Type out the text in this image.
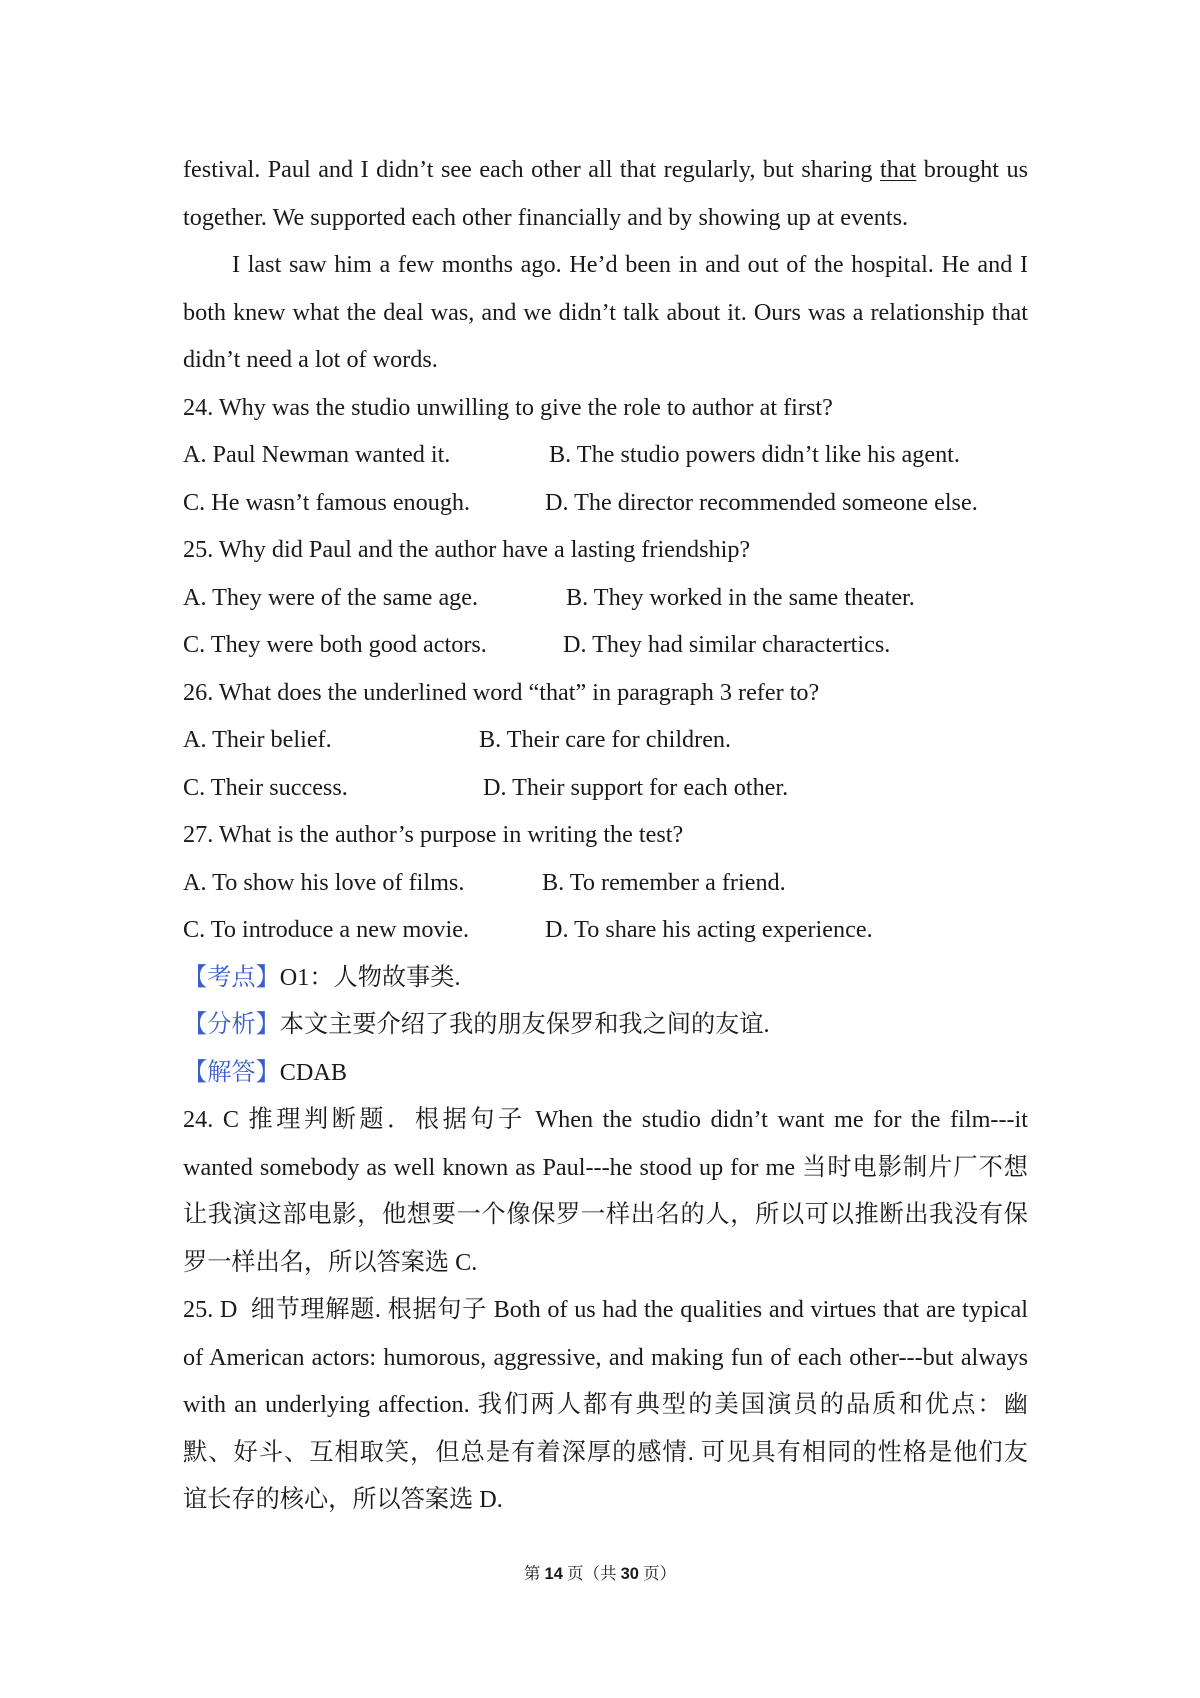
festival. Paul and I didn’t see each other all that regularly, but sharing that brought us
together. We supported each other financially and by showing up at events.
I last saw him a few months ago. He’d been in and out of the hospital. He and I
both knew what the deal was, and we didn’t talk about it. Ours was a relationship that
didn’t need a lot of words.
24. Why was the studio unwilling to give the role to author at first?
A. Paul Newman wanted it.	B. The studio powers didn’t like his agent.
C. He wasn’t famous enough.	D. The director recommended someone else.
25. Why did Paul and the author have a lasting friendship?
A. They were of the same age.	B. They worked in the same theater.
C. They were both good actors.	D. They had similar charactertics.
26. What does the underlined word “that” in paragraph 3 refer to?
A. Their belief.	B. Their care for children.
C. Their success.	D. Their support for each other.
27. What is the author’s purpose in writing the test?
A. To show his love of films.	B. To remember a friend.
C. To introduce a new movie.	D. To share his acting experience.
【考点】O1：人物故事类.
【分析】本文主要介绍了我的朋友保罗和我之间的友谊.
【解答】CDAB
24. C 推理判断题．根据句子 When the studio didn’t want me for the film---it
wanted somebody as well known as Paul---he stood up for me 当时电影制片厂不想
让我演这部电影，他想要一个像保罗一样出名的人，所以可以推断出我没有保
罗一样出名，所以答案选 C.
25. D  细节理解题. 根据句子 Both of us had the qualities and virtues that are typical
of American actors: humorous, aggressive, and making fun of each other---but always
with an underlying affection. 我们两人都有典型的美国演员的品质和优点：幽
默、好斗、互相取笑，但总是有着深厚的感情. 可见具有相同的性格是他们友
谊长存的核心，所以答案选 D.
第 14 页（共 30 页）
